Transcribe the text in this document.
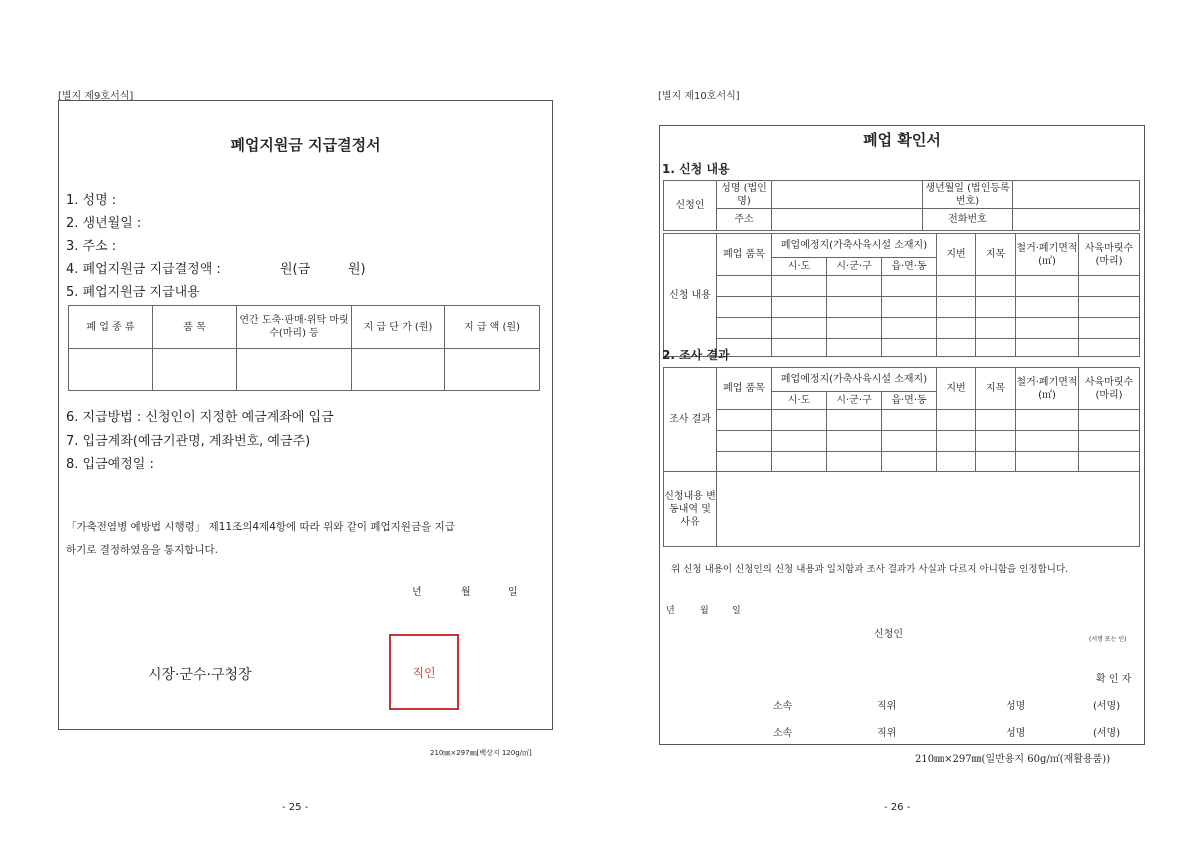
[별지 제9호서식]
폐업지원금 지급결정서
1. 성명 :
2. 생년월일 :
3. 주소 :
4. 폐업지원금 지급결정액 :	원(금	원)
5. 폐업지원금 지급내용
폐 업 종 류	품 목	연간 도축·판매·위탁 마릿수(마리) 등	지 급 단 가 (원)	지 급 액 (원)

6. 지급방법 : 신청인이 지정한 예금계좌에 입금
7. 입금계좌(예금기관명, 계좌번호, 예금주)
8. 입금예정일 :
「가축전염병 예방법 시행령」 제11조의4제4항에 따라 위와 같이 폐업지원금을 지급
하기로 결정하였음을 통지합니다.
년	월	일
시장·군수·구청장	직인
210㎜×297㎜[백상지 120g/㎡]
- 25 -
[별지 제10호서식]
폐업 확인서
1. 신청 내용
신청인	성명 (법인명)		생년월일 (법인등록번호)	
	주소		전화번호	
신청 내용	폐업 품목	폐업예정지(가축사육시설 소재지)			지번	지목	철거·폐기면적 (㎡)	사육마릿수 (마리)
		시·도	시·군·구	읍·면·동				

2. 조사 결과
조사 결과	폐업 품목	폐업예정지(가축사육시설 소재지)			지번	지목	철거·폐기면적 (㎡)	사육마릿수 (마리)
		시·도	시·군·구	읍·면·동				

신청내용 변동내역 및 사유								
위 신청 내용이 신청인의 신청 내용과 일치함과 조사 결과가 사실과 다르지 아니함을 인정합니다.
년	월	일
신청인	(서명 또는 인)
확 인 자
소속	직위	성명	(서명)
소속	직위	성명	(서명)
210㎜×297㎜(일반용지 60g/㎡(재활용품))
- 26 -
